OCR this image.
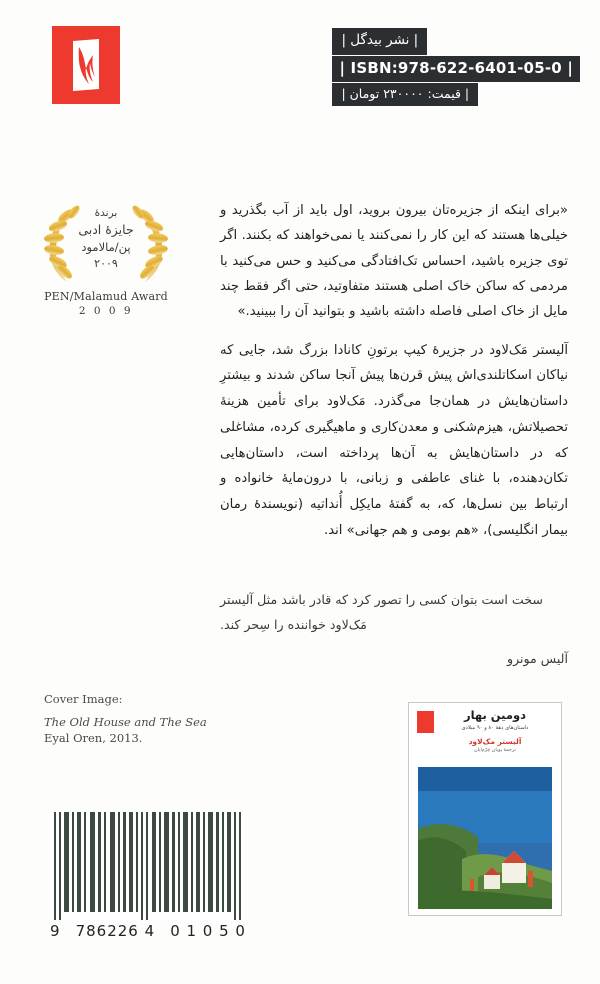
| نشر بیدگل |
| ISBN:978-622-6401-05-0 |
| قیمت: ۲۳۰۰۰۰ تومان |
برندهٔ
جایزهٔ ادبی
پن/مالامود
۲۰۰۹
PEN/Malamud Award
2 0 0 9

«برای اینکه از جزیره‌تان بیرون بروید، اول باید از آب بگذرید و خیلی‌ها هستند که این کار را نمی‌کنند یا نمی‌خواهند که بکنند. اگر توی جزیره باشید، احساس تک‌افتادگی می‌کنید و حس می‌کنید با مردمی که ساکن خاک اصلی هستند متفاوتید، حتی اگر فقط چند مایل از خاک اصلی فاصله داشته باشید و بتوانید آن را ببینید.»

آلیستر مَک‌لاود در جزیرهٔ کیپ برتونِ کانادا بزرگ شد، جایی که نیاکان اسکاتلندی‌اش پیش قرن‌ها پیش آنجا ساکن شدند و بیشترِ داستان‌هایش در همان‌جا می‌گذرد. مَک‌لاود برای تأمین هزینهٔ تحصیلاتش، هیزم‌شکنی و معدن‌کاری و ماهیگیری کرده، مشاغلی که در داستان‌هایش به آن‌ها پرداخته است، داستان‌هایی تکان‌دهنده، با غنای عاطفی و زبانی، با درون‌مایهٔ خانواده و ارتباط بین نسل‌ها، که، به گفتهٔ مایکِل أُنداتیه (نویسندهٔ رمان بیمار انگلیسی)، «هم بومی و هم جهانی» اند.

سخت است بتوان کسی را تصور کرد که قادر باشد مثل آلیستر مَک‌لاود خواننده را سِحر کند.

آلیس مونرو
Cover Image:
The Old House and The Sea
Eyal Oren, 2013.
دومین بهار
داستان‌های دههٔ ۸۰ و ۹۰ میلادی
آلیستر مک‌لاود
ترجمهٔ پویان خِرّم‌ایان
9 786226 4 0 1 0 5 0
